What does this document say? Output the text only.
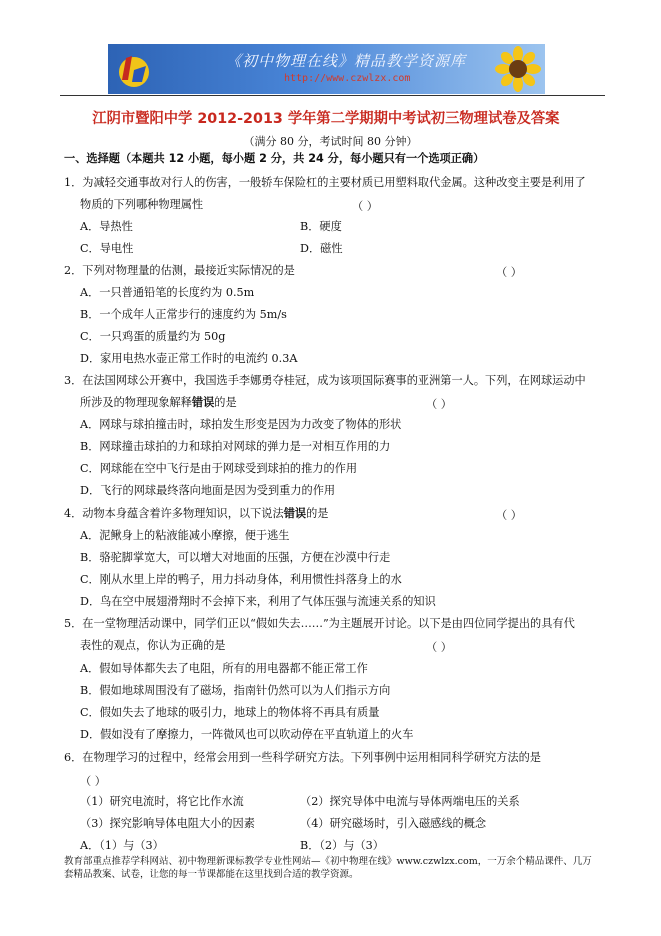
《初中物理在线》精品教学资源库
http://www.czwlzx.com
江阴市暨阳中学 2012-2013 学年第二学期期中考试初三物理试卷及答案
（满分 80 分，考试时间 80 分钟）
一、选择题（本题共 12 小题，每小题 2 分，共 24 分，每小题只有一个选项正确）
1．为减轻交通事故对行人的伤害，一般轿车保险杠的主要材质已用塑料取代金属。这种改变主要是利用了
物质的下列哪种物理属性	（ ）
A．导热性	B．硬度
C．导电性	D．磁性
2．下列对物理量的估测，最接近实际情况的是	（ ）
A．一只普通铅笔的长度约为 0.5m
B．一个成年人正常步行的速度约为 5m/s
C．一只鸡蛋的质量约为 50g
D．家用电热水壶正常工作时的电流约 0.3A
3．在法国网球公开赛中，我国选手李娜勇夺桂冠，成为该项国际赛事的亚洲第一人。下列，在网球运动中
所涉及的物理现象解释错误的是	（ ）
A．网球与球拍撞击时，球拍发生形变是因为力改变了物体的形状
B．网球撞击球拍的力和球拍对网球的弹力是一对相互作用的力
C．网球能在空中飞行是由于网球受到球拍的推力的作用
D．飞行的网球最终落向地面是因为受到重力的作用
4．动物本身蕴含着许多物理知识，以下说法错误的是	（ ）
A．泥鳅身上的粘液能减小摩擦，便于逃生
B．骆驼脚掌宽大，可以增大对地面的压强，方便在沙漠中行走
C．刚从水里上岸的鸭子，用力抖动身体，利用惯性抖落身上的水
D．鸟在空中展翅滑翔时不会掉下来，利用了气体压强与流速关系的知识
5．在一堂物理活动课中，同学们正以“假如失去……”为主题展开讨论。以下是由四位同学提出的具有代
表性的观点，你认为正确的是	（ ）
A．假如导体都失去了电阻，所有的用电器都不能正常工作
B．假如地球周围没有了磁场，指南针仍然可以为人们指示方向
C．假如失去了地球的吸引力，地球上的物体将不再具有质量
D．假如没有了摩擦力，一阵微风也可以吹动停在平直轨道上的火车
6．在物理学习的过程中，经常会用到一些科学研究方法。下列事例中运用相同科学研究方法的是
（ ）
（1）研究电流时，将它比作水流	（2）探究导体中电流与导体两端电压的关系
（3）探究影响导体电阻大小的因素	（4）研究磁场时，引入磁感线的概念
A．（1）与（3）	B．（2）与（3）
教育部重点推荐学科网站、初中物理新课标教学专业性网站—《初中物理在线》www.czwlzx.com，一万余个精品课件、几万
套精品教案、试卷，让您的每一节课都能在这里找到合适的教学资源。
